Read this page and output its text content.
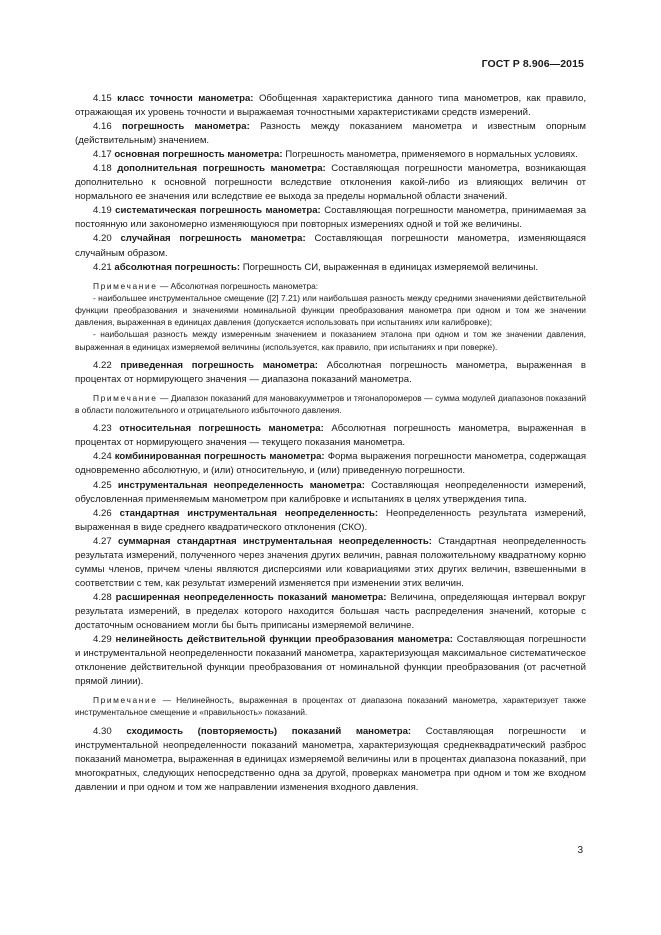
ГОСТ Р 8.906—2015

4.15 класс точности манометра: Обобщенная характеристика данного типа манометров, как правило, отражающая их уровень точности и выражаемая точностными характеристиками средств измерений.

4.16 погрешность манометра: Разность между показанием манометра и известным опорным (действительным) значением.

4.17 основная погрешность манометра: Погрешность манометра, применяемого в нормальных условиях.

4.18 дополнительная погрешность манометра: Составляющая погрешности манометра, возникающая дополнительно к основной погрешности вследствие отклонения какой-либо из влияющих величин от нормального ее значения или вследствие ее выхода за пределы нормальной области значений.

4.19 систематическая погрешность манометра: Составляющая погрешности манометра, принимаемая за постоянную или закономерно изменяющуюся при повторных измерениях одной и той же величины.

4.20 случайная погрешность манометра: Составляющая погрешности манометра, изменяющаяся случайным образом.

4.21 абсолютная погрешность: Погрешность СИ, выраженная в единицах измеряемой величины.

Примечание — Абсолютная погрешность манометра:

- наибольшее инструментальное смещение ([2] 7.21) или наибольшая разность между средними значениями действительной функции преобразования и значениями номинальной функции преобразования манометра при одном и том же значении давления, выраженная в единицах давления (допускается использовать при испытаниях или калибровке);

- наибольшая разность между измеренным значением и показанием эталона при одном и том же значении давления, выраженная в единицах измеряемой величины (используется, как правило, при испытаниях и при поверке).

4.22 приведенная погрешность манометра: Абсолютная погрешность манометра, выраженная в процентах от нормирующего значения — диапазона показаний манометра.

Примечание — Диапазон показаний для мановакуумметров и тягонапоромеров — сумма модулей диапазонов показаний в области положительного и отрицательного избыточного давления.

4.23 относительная погрешность манометра: Абсолютная погрешность манометра, выраженная в процентах от нормирующего значения — текущего показания манометра.

4.24 комбинированная погрешность манометра: Форма выражения погрешности манометра, содержащая одновременно абсолютную, и (или) относительную, и (или) приведенную погрешности.

4.25 инструментальная неопределенность манометра: Составляющая неопределенности измерений, обусловленная применяемым манометром при калибровке и испытаниях в целях утверждения типа.

4.26 стандартная инструментальная неопределенность: Неопределенность результата измерений, выраженная в виде среднего квадратического отклонения (СКО).

4.27 суммарная стандартная инструментальная неопределенность: Стандартная неопределенность результата измерений, полученного через значения других величин, равная положительному квадратному корню суммы членов, причем члены являются дисперсиями или ковариациями этих других величин, взвешенными в соответствии с тем, как результат измерений изменяется при изменении этих величин.

4.28 расширенная неопределенность показаний манометра: Величина, определяющая интервал вокруг результата измерений, в пределах которого находится большая часть распределения значений, которые с достаточным основанием могли бы быть приписаны измеряемой величине.

4.29 нелинейность действительной функции преобразования манометра: Составляющая погрешности и инструментальной неопределенности показаний манометра, характеризующая максимальное систематическое отклонение действительной функции преобразования от номинальной функции преобразования (от расчетной прямой линии).

Примечание — Нелинейность, выраженная в процентах от диапазона показаний манометра, характеризует также инструментальное смещение и «правильность» показаний.

4.30 сходимость (повторяемость) показаний манометра: Составляющая погрешности и инструментальной неопределенности показаний манометра, характеризующая среднеквадратический разброс показаний манометра, выраженная в единицах измеряемой величины или в процентах диапазона показаний, при многократных, следующих непосредственно одна за другой, проверках манометра при одном и том же входном давлении и при одном и том же направлении изменения входного давления.

3
